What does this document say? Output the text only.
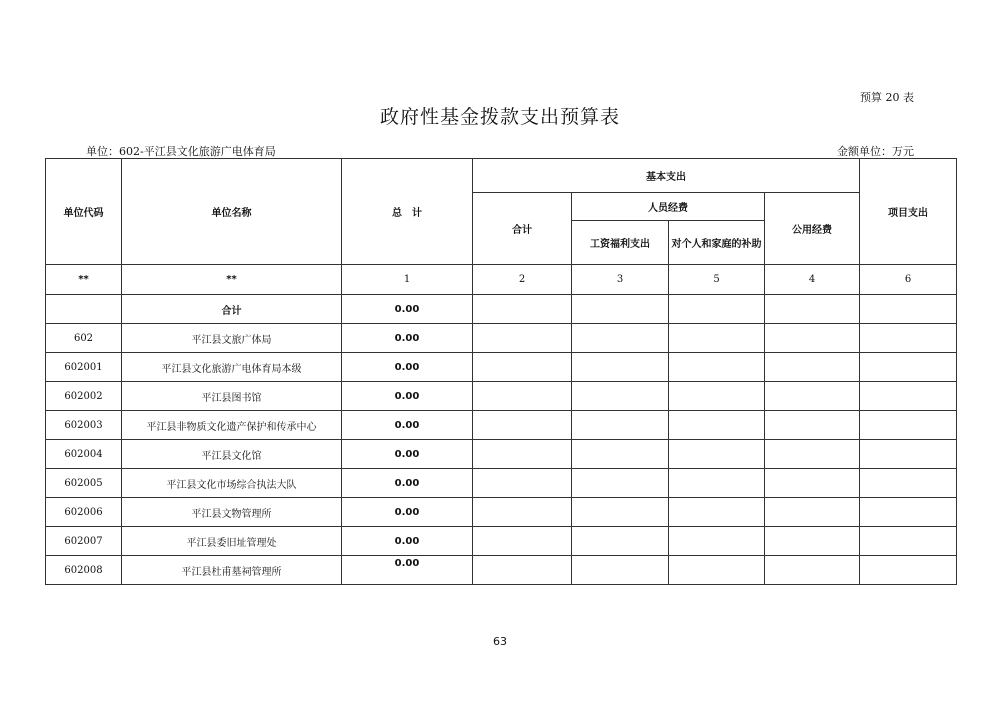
预算 20 表
政府性基金拨款支出预算表
单位：602-平江县文化旅游广电体育局	金额单位：万元
单位代码	单位名称	总　计	基本支出				项目支出
			合计	人员经费		公用经费	
				工资福利支出	对个人和家庭的补助		
**	**	1	2	3	5	4	6
	合计	0.00					
602	平江县文旅广体局	0.00					
602001	平江县文化旅游广电体育局本级	0.00					
602002	平江县图书馆	0.00					
602003	平江县非物质文化遗产保护和传承中心	0.00					
602004	平江县文化馆	0.00					
602005	平江县文化市场综合执法大队	0.00					
602006	平江县文物管理所	0.00					
602007	平江县委旧址管理处	0.00					
602008	平江县杜甫墓祠管理所	0.00					
63
